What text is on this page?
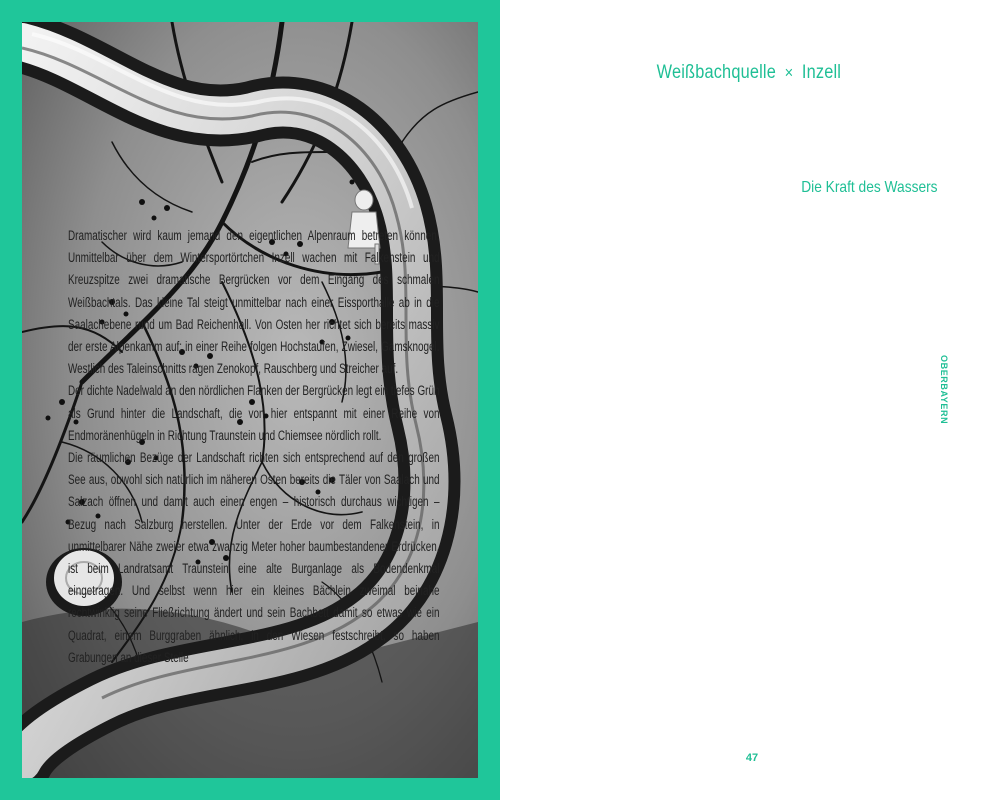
Weißbachquelle × Inzell
Die Kraft des Wassers

Dramatischer wird kaum jemand den eigentlichen Alpenraum betreten können. Unmittelbar über dem Wintersportörtchen Inzell wachen mit Falkenstein und Kreuzspitze zwei dramatische Bergrücken vor dem Eingang des schmalen Weißbachtals. Das kleine Tal steigt unmittelbar nach einer Eissporthalle ab in die Saalachebene rund um Bad Reichenhall. Von Osten her richtet sich bereits massiv der erste Alpenkamm auf: in einer Reihe folgen Hochstaufen, Zwiesel, Gamsknogel. Westlich des Taleinschnitts ragen Zenokopf, Rauschberg und Streicher auf.

Der dichte Nadelwald an den nördlichen Flanken der Bergrücken legt ein tiefes Grün als Grund hinter die Landschaft, die von hier entspannt mit einer Reihe von Endmoränenhügeln in Richtung Traunstein und Chiemsee nördlich rollt.

Die räumlichen Bezüge der Landschaft richten sich entsprechend auf den großen See aus, obwohl sich natürlich im näheren Osten bereits die Täler von Saalach und Salzach öffnen und damit auch einen engen – historisch durchaus wichtigen – Bezug nach Salzburg herstellen. Unter der Erde vor dem Falkenstein, in unmittelbarer Nähe zweier etwa zwanzig Meter hoher baumbestandener Erdrücken, ist beim Landratsamt Traunstein eine alte Burganlage als Bodendenkmal eingetragen. Und selbst wenn hier ein kleines Bächlein zweimal beinahe rechtwinklig seine Fließrichtung ändert und sein Bachbett damit so etwas wie ein Quadrat, einem Burggraben ähnlich, in den Wiesen festschreibt, so haben Grabungen an dieser Stelle

OBERBAYERN
47
